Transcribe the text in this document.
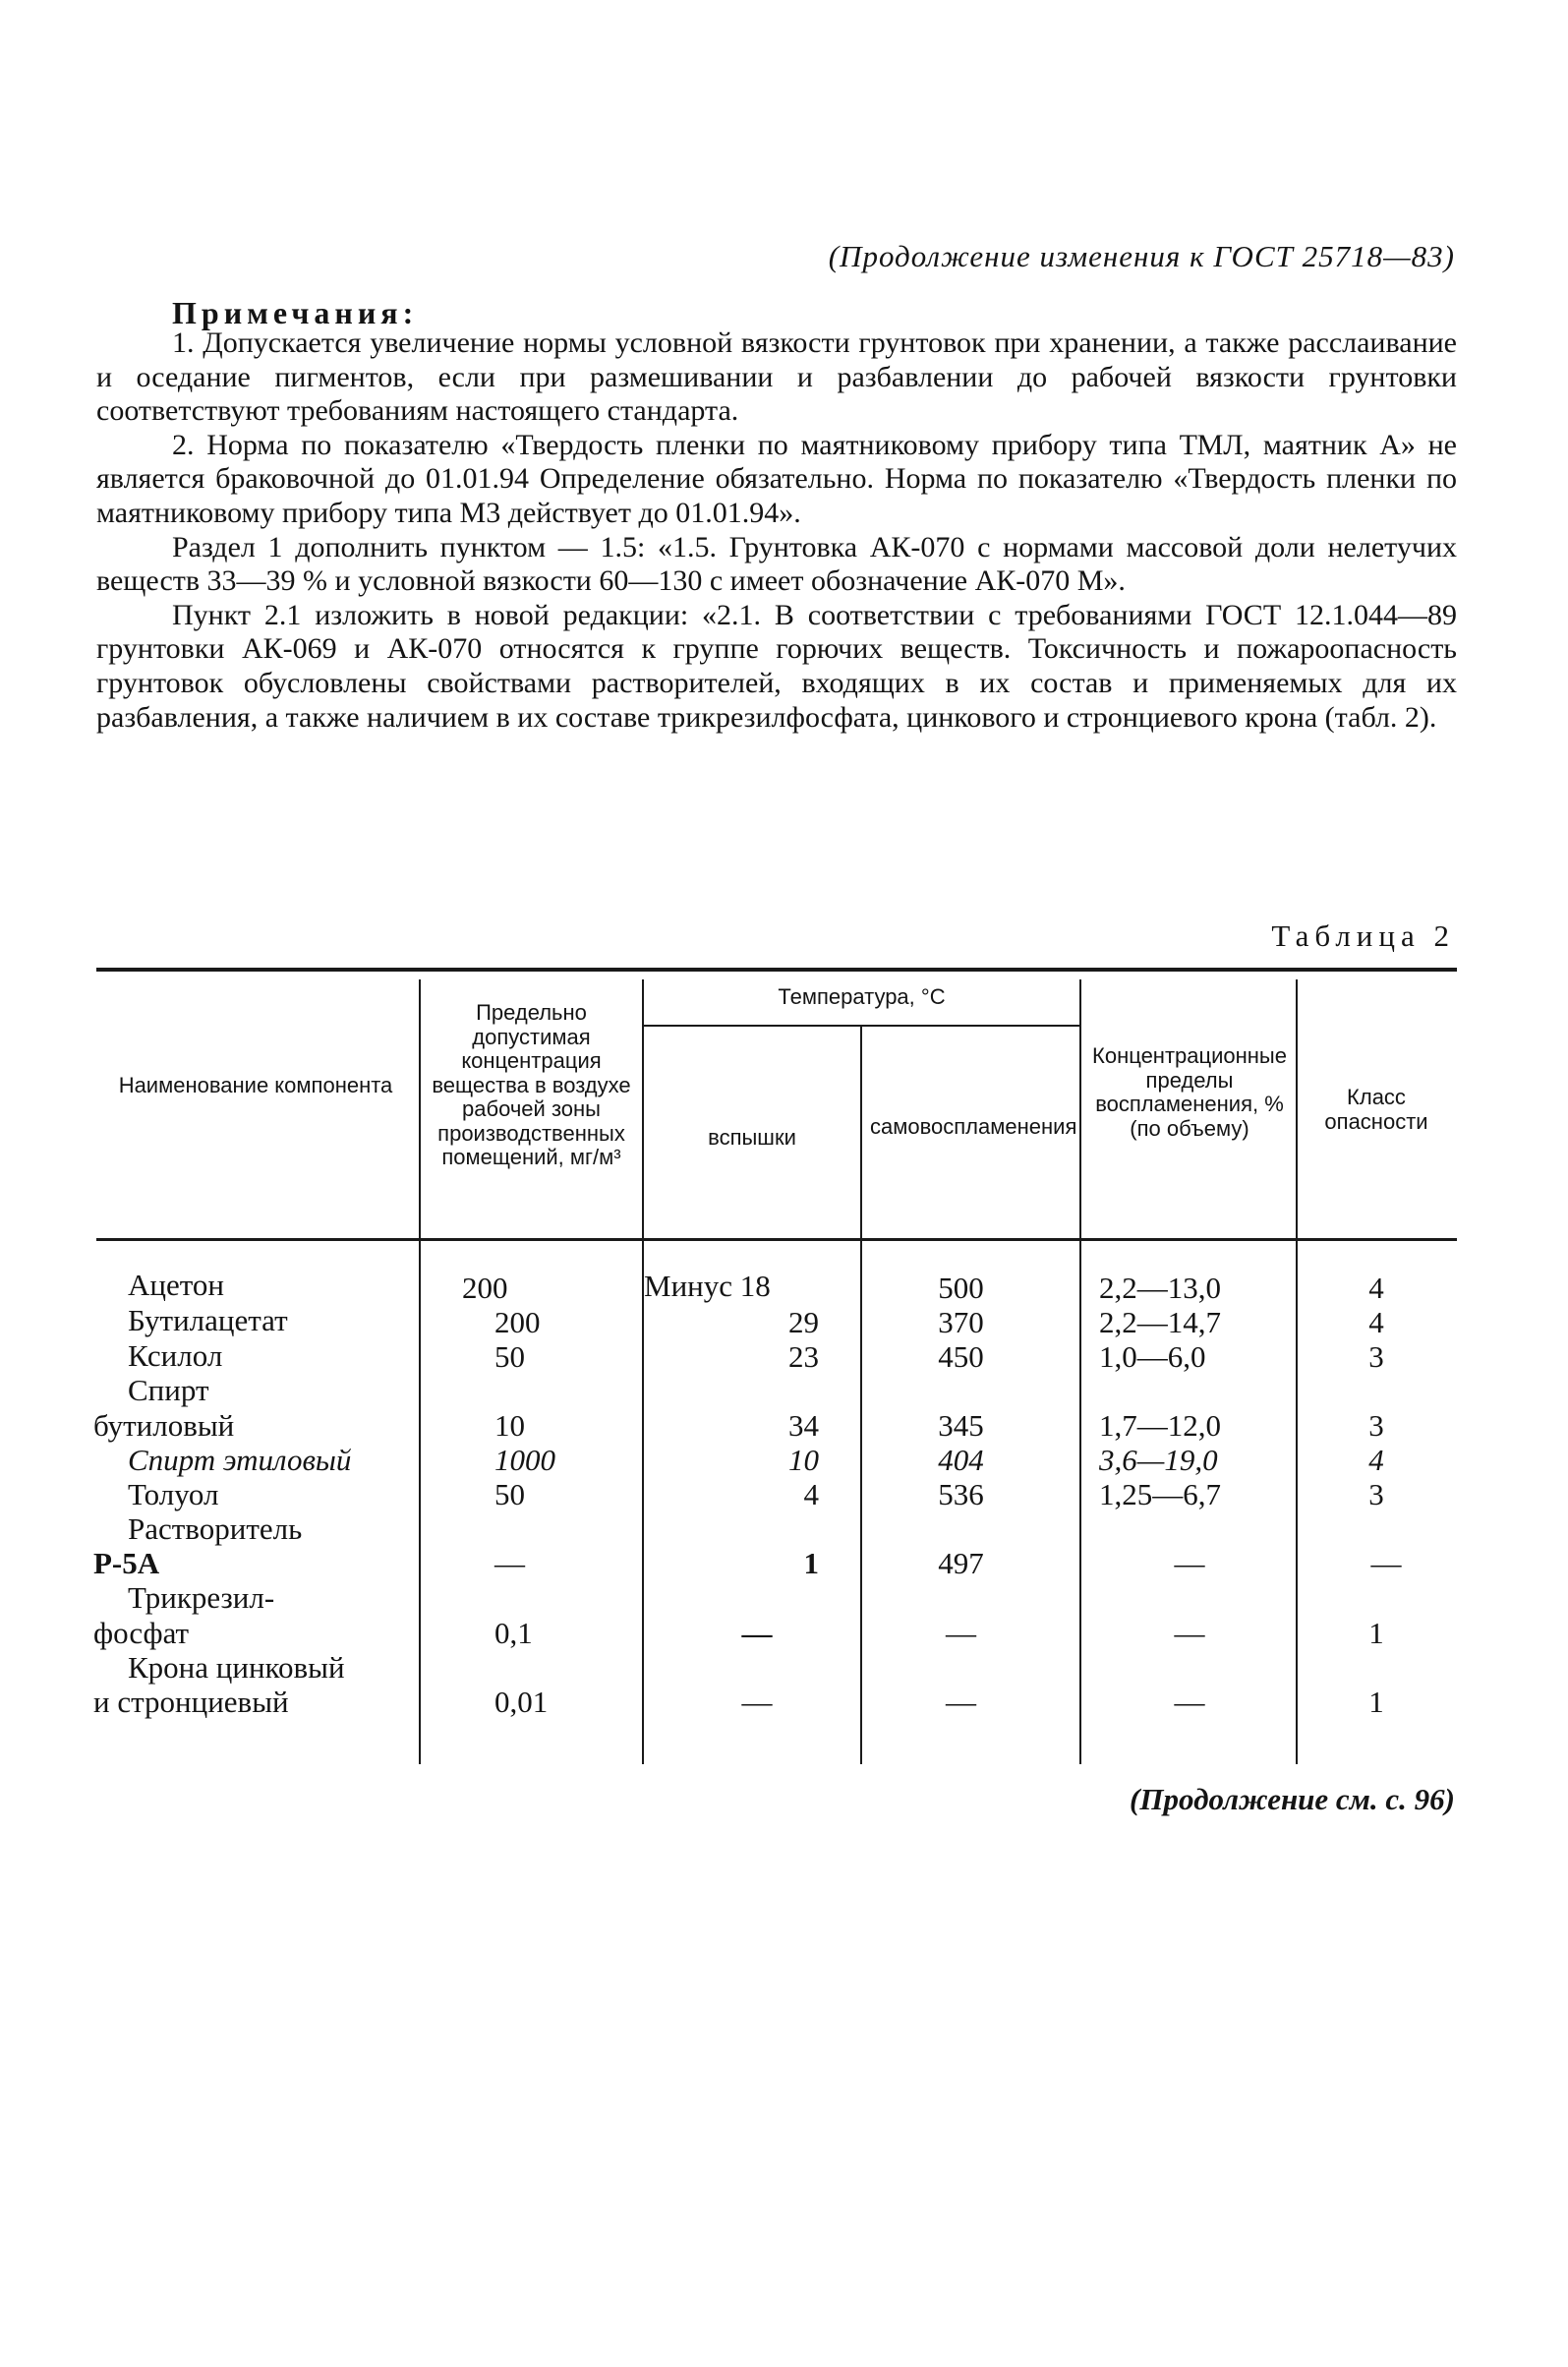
(Продолжение изменения к ГОСТ 25718—83)
Примечания:

1. Допускается увеличение нормы условной вязкости грунтовок при хранении, а также расслаивание и оседание пигментов, если при размешивании и разбавлении до рабочей вязкости грунтовки соответствуют требованиям настоящего стандарта.

2. Норма по показателю «Твердость пленки по маятниковому прибору типа ТМЛ, маятник А» не является браковочной до 01.01.94 Определение обязательно. Норма по показателю «Твердость пленки по маятниковому прибору типа М3 действует до 01.01.94».

Раздел 1 дополнить пунктом — 1.5: «1.5. Грунтовка АК-070 с нормами массовой доли нелетучих веществ 33—39 % и условной вязкости 60—130 с имеет обозначение АК-070 М».

Пункт 2.1 изложить в новой редакции: «2.1. В соответствии с требованиями ГОСТ 12.1.044—89 грунтовки АК-069 и АК-070 относятся к группе горючих веществ. Токсичность и пожароопасность грунтовок обусловлены свойствами растворителей, входящих в их состав и применяемых для их разбавления, а также наличием в их составе трикрезилфосфата, цинкового и стронциевого крона (табл. 2).

Таблица 2
Наименование компонента
Предельно допустимая концентрация вещества в воздухе рабочей зоны производственных помещений, мг/м³
Температура, °С
вспышки	самовоспламенения
Концентрационные пределы воспламенения, % (по объему)
Класс опасности
Ацетон	200	Минус 18	500	2,2—13,0	4
Бутилацетат	200	29	370	2,2—14,7	4
Ксилол	50	23	450	1,0—6,0	3
Спирт
бутиловый	10	34	345	1,7—12,0	3
Спирт этиловый	1000	10	404	3,6—19,0	4
Толуол	50	4	536	1,25—6,7	3
Растворитель
Р-5А	—	1	497	—	—
Трикрезил-
фосфат	0,1	—	—	—	1
Крона цинковый
и стронциевый	0,01	—	—	—	1
(Продолжение см. с. 96)
